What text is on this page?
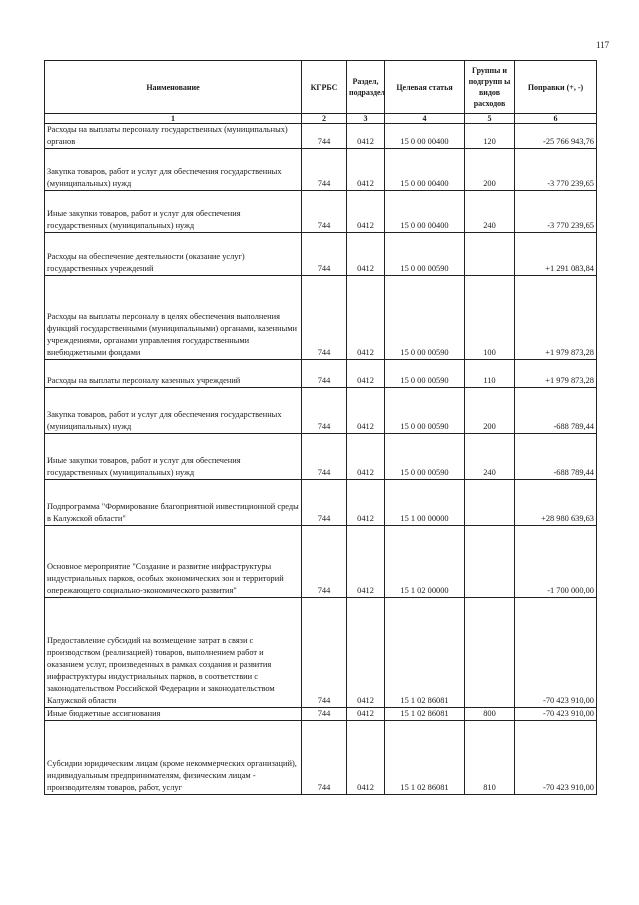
117
Наименование	КГРБС	Раздел, подраздел	Целевая статья	Группы и подгрупп ы видов расходов	Поправки (+, -)
1	2	3	4	5	6
Расходы на выплаты персоналу государственных (муниципальных) органов	744	0412	15 0 00 00400	120	-25 766 943,76
Закупка товаров, работ и услуг для обеспечения государственных (муниципальных) нужд	744	0412	15 0 00 00400	200	-3 770 239,65
Иные закупки товаров, работ и услуг для обеспечения государственных (муниципальных) нужд	744	0412	15 0 00 00400	240	-3 770 239,65
Расходы на обеспечение деятельности (оказание услуг) государственных учреждений	744	0412	15 0 00 00590		+1 291 083,84
Расходы на выплаты персоналу в целях обеспечения выполнения функций государственными (муниципальными) органами, казенными учреждениями, органами управления государственными внебюджетными фондами	744	0412	15 0 00 00590	100	+1 979 873,28
Расходы на выплаты персоналу казенных учреждений	744	0412	15 0 00 00590	110	+1 979 873,28
Закупка товаров, работ и услуг для обеспечения государственных (муниципальных) нужд	744	0412	15 0 00 00590	200	-688 789,44
Иные закупки товаров, работ и услуг для обеспечения государственных (муниципальных) нужд	744	0412	15 0 00 00590	240	-688 789,44
Подпрограмма "Формирование благоприятной инвестиционной среды в Калужской области"	744	0412	15 1 00 00000		+28 980 639,63
Основное мероприятие "Создание и развитие инфраструктуры индустриальных парков, особых экономических зон и территорий опережающего социально-экономического развития"	744	0412	15 1 02 00000		-1 700 000,00
Предоставление субсидий на возмещение затрат в связи с производством (реализацией) товаров, выполнением работ и оказанием услуг, произведенных в рамках создания и развития инфраструктуры индустриальных парков, в соответствии с законодательством Российской Федерации и законодательством Калужской области	744	0412	15 1 02 86081		-70 423 910,00
Иные бюджетные ассигнования	744	0412	15 1 02 86081	800	-70 423 910,00
Субсидии юридическим лицам (кроме некоммерческих организаций), индивидуальным предпринимателям, физическим лицам - производителям товаров, работ, услуг	744	0412	15 1 02 86081	810	-70 423 910,00
